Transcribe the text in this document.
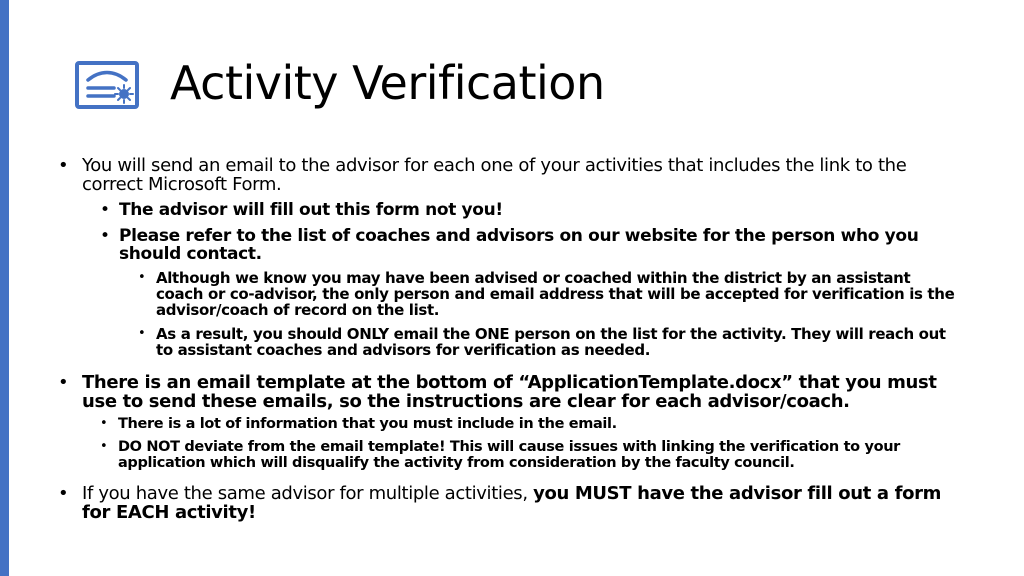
Activity Verification
• You will send an email to the advisor for each one of your activities that includes the link to the correct Microsoft Form.
• The advisor will fill out this form not you!
• Please refer to the list of coaches and advisors on our website for the person who you should contact.
• Although we know you may have been advised or coached within the district by an assistant coach or co-advisor, the only person and email address that will be accepted for verification is the advisor/coach of record on the list.
• As a result, you should ONLY email the ONE person on the list for the activity. They will reach out to assistant coaches and advisors for verification as needed.
• There is an email template at the bottom of “ApplicationTemplate.docx” that you must use to send these emails, so the instructions are clear for each advisor/coach.
• There is a lot of information that you must include in the email.
• DO NOT deviate from the email template! This will cause issues with linking the verification to your application which will disqualify the activity from consideration by the faculty council.
• If you have the same advisor for multiple activities, you MUST have the advisor fill out a form for EACH activity!
